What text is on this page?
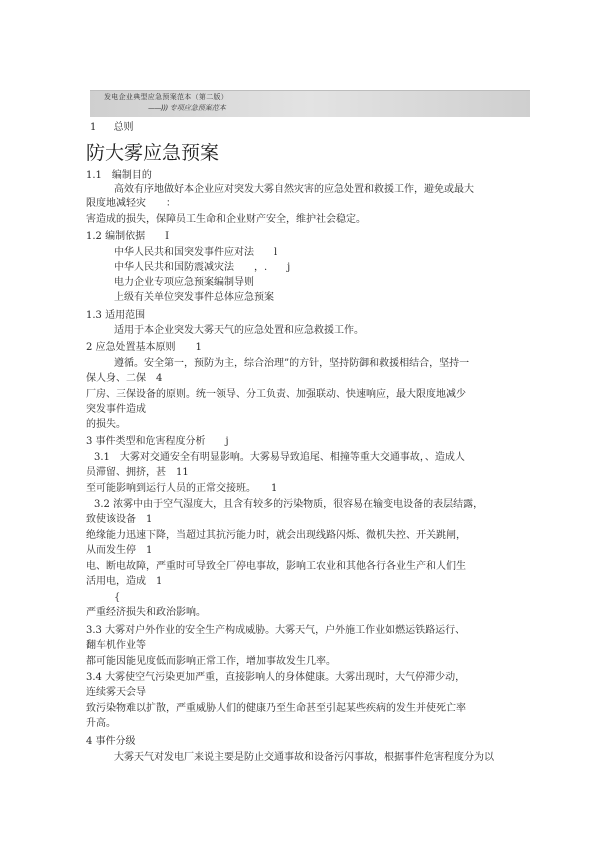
发电企业典型应急预案范本（第二版）
——))) 专项应急预案范本
1 总则
防大雾应急预案
1.1　编制目的
高效有序地做好本企业应对突发大雾自然灾害的应急处置和救援工作，避免或最大
限度地减轻灾　　：
害造成的损失，保障员工生命和企业财产安全，维护社会稳定。
1.2 编制依据　　I
中华人民共和国突发事件应对法　　l
中华人民共和国防震减灾法　　，.　　j
电力企业专项应急预案编制导则
上级有关单位突发事件总体应急预案
1.3 适用范围
适用于本企业突发大雾天气的应急处置和应急救援工作。
2 应急处置基本原则　　1
遵循。安全第一，预防为主，综合治理”的方针，坚持防御和救援相结合，坚持一
保人身、二保　4
厂房、三保设备的原则。统一领导、分工负责、加强联动、快速响应，最大限度地减少
突发事件造成
的损失。
3 事件类型和危害程度分析　　j
3.1　大雾对交通安全有明显影响。大雾易导致追尾、相撞等重大交通事故，、造成人
员滞留、拥挤，甚　11
至可能影响到运行人员的正常交接班。　　1
3.2 浓雾中由于空气湿度大，且含有较多的污染物质，很容易在输变电设备的表层结露，
致使该设备　1
绝缘能力迅速下降，当超过其抗污能力时，就会出现线路闪烁、微机失控、开关跳闸，
从而发生停　1
电、断电故障，严重时可导致全厂停电事故，影响工农业和其他各行各业生产和人们生
活用电，造成　1
{
严重经济损失和政治影响。
3.3 大雾对户外作业的安全生产构成威胁。大雾天气，户外施工作业如燃运铁路运行、
翻车机作业等
都可能因能见度低而影响正常工作，增加事故发生几率。
3.4 大雾使空气污染更加严重，直接影响人的身体健康。大雾出现时，大气停滞少动，
连续雾天会导
致污染物难以扩散，严重威胁人们的健康乃至生命甚至引起某些疾病的发生并使死亡率
升高。
4 事件分级
大雾天气对发电厂来说主要是防止交通事故和设备污闪事故，根据事件危害程度分为以
